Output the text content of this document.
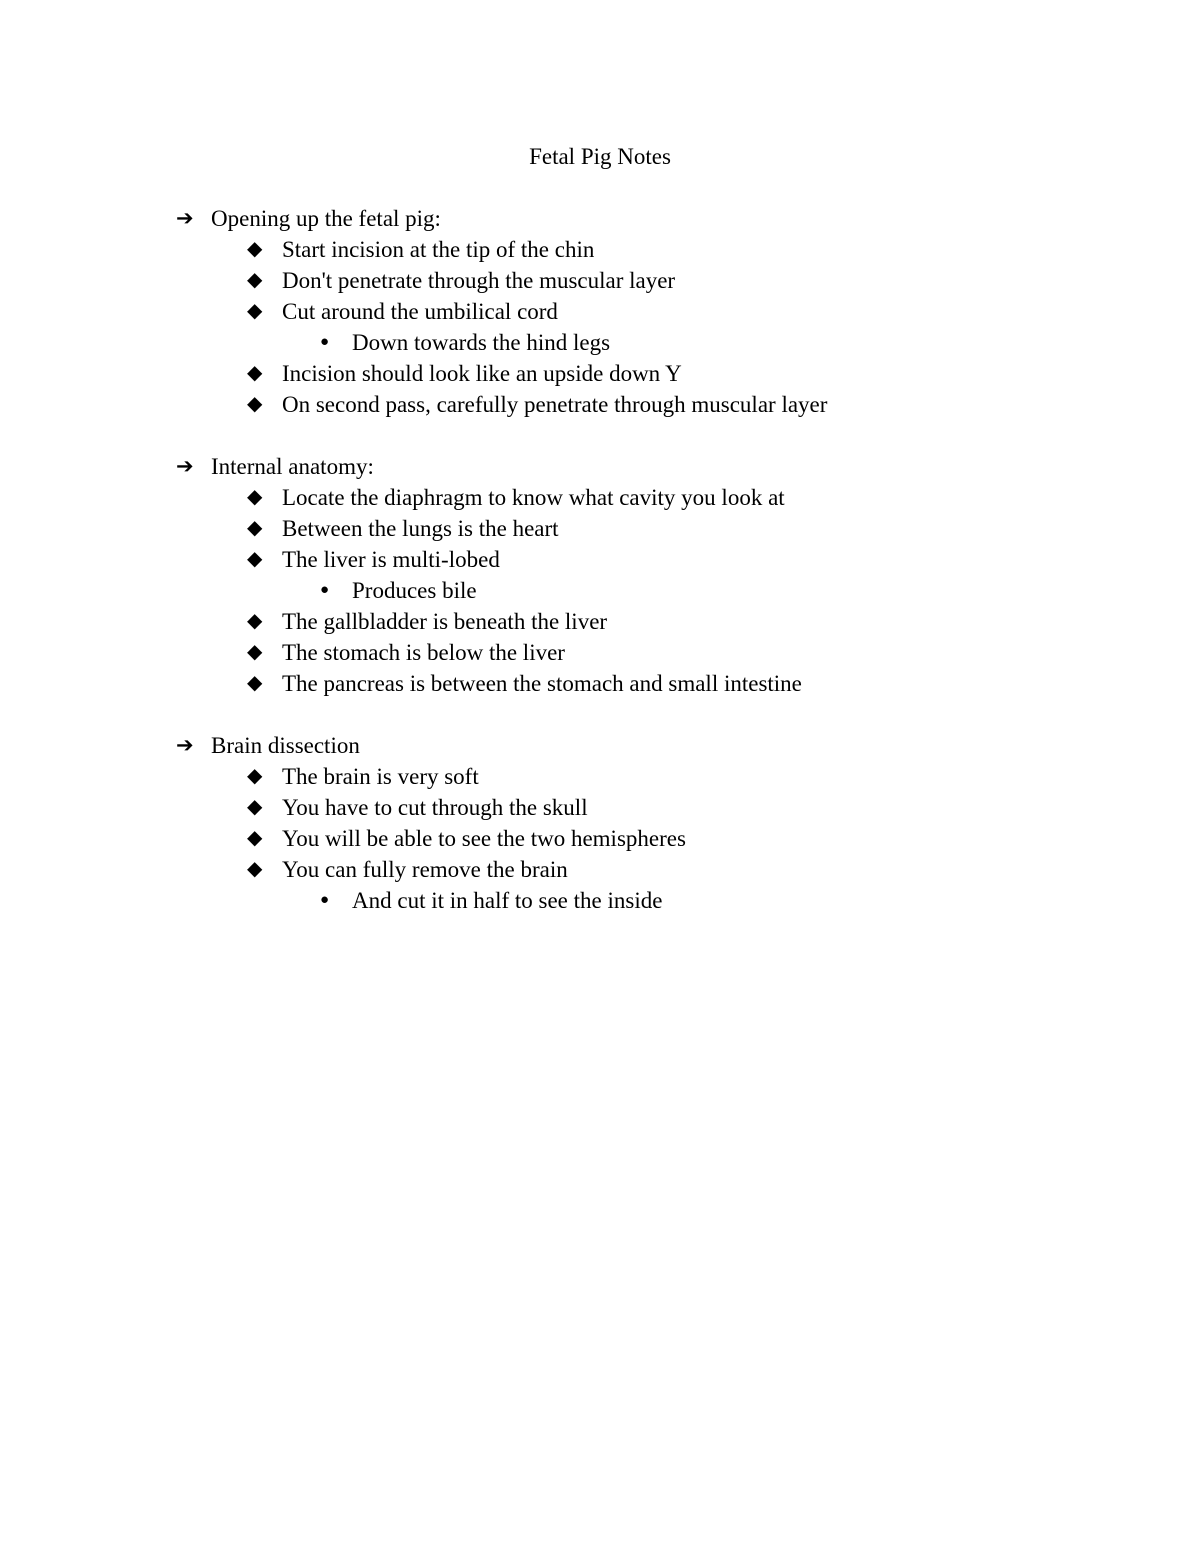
Fetal Pig Notes
➔ Opening up the fetal pig:
◆ Start incision at the tip of the chin
◆ Don't penetrate through the muscular layer
◆ Cut around the umbilical cord
● Down towards the hind legs
◆ Incision should look like an upside down Y
◆ On second pass, carefully penetrate through muscular layer
➔ Internal anatomy:
◆ Locate the diaphragm to know what cavity you look at
◆ Between the lungs is the heart
◆ The liver is multi-lobed
● Produces bile
◆ The gallbladder is beneath the liver
◆ The stomach is below the liver
◆ The pancreas is between the stomach and small intestine
➔ Brain dissection
◆ The brain is very soft
◆ You have to cut through the skull
◆ You will be able to see the two hemispheres
◆ You can fully remove the brain
● And cut it in half to see the inside
